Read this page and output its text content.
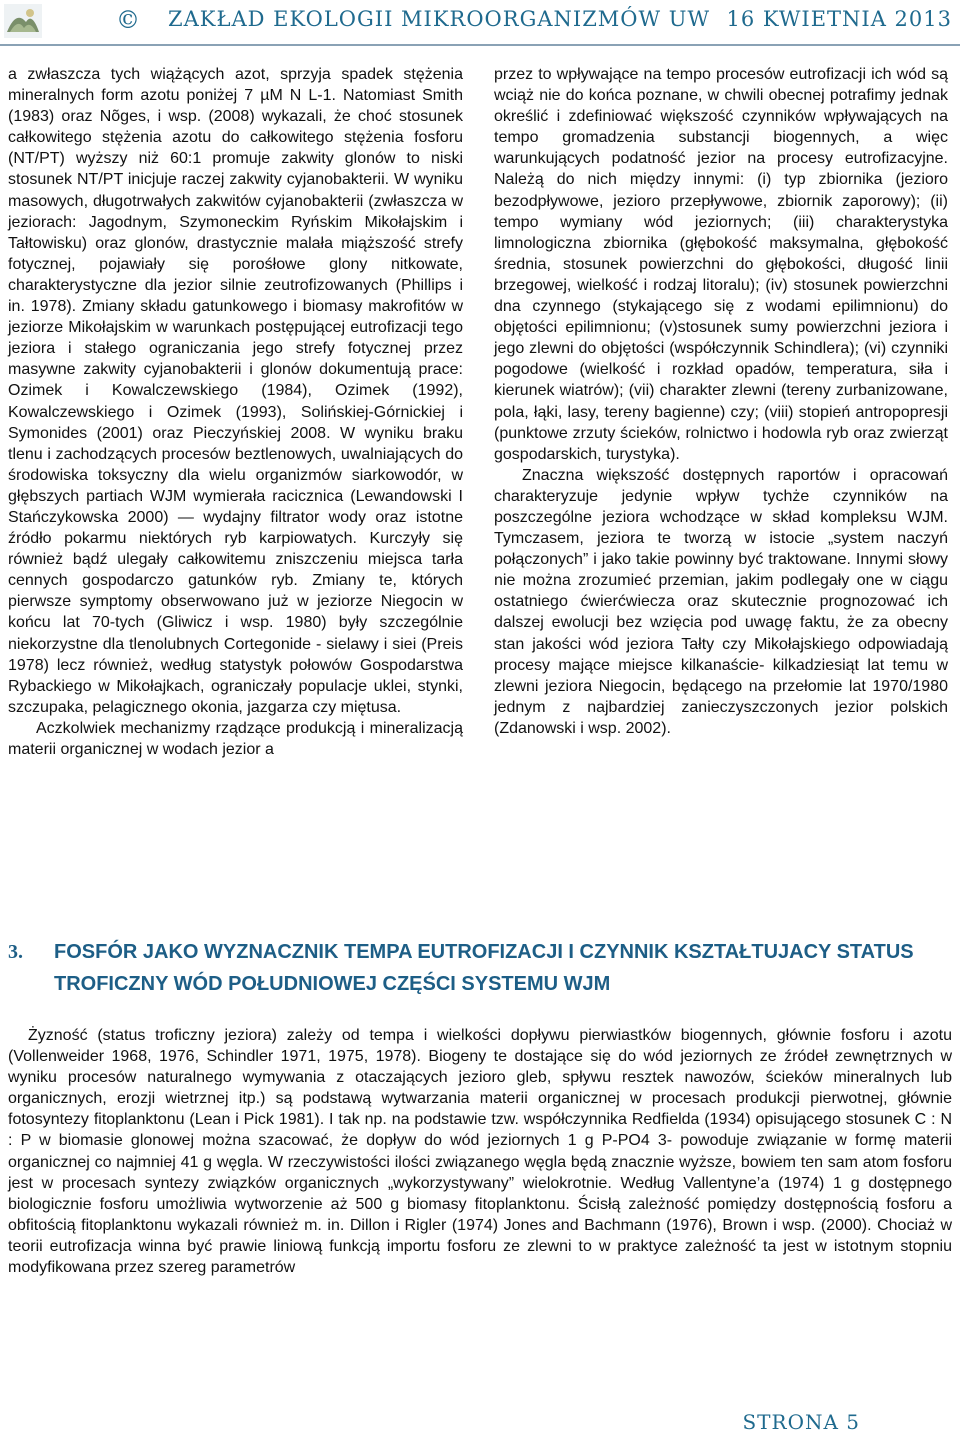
© ZAKŁAD EKOLOGII MIKROORGANIZMÓW UW 16 KWIETNIA 2013

a zwłaszcza tych wiążących azot, sprzyja spadek stężenia mineralnych form azotu poniżej 7 µM N L-1. Natomiast Smith (1983) oraz Nõges, i wsp. (2008) wykazali, że choć stosunek całkowitego stężenia azotu do całkowitego stężenia fosforu (NT/PT) wyższy niż 60:1 promuje zakwity glonów to niski stosunek NT/PT inicjuje raczej zakwity cyjanobakterii. W wyniku masowych, długotrwałych zakwitów cyjanobakterii (zwłaszcza w jeziorach: Jagodnym, Szymoneckim Ryńskim Mikołajskim i Tałtowisku) oraz glonów, drastycznie malała miąższość strefy fotycznej, pojawiały się porośłowe glony nitkowate, charakterystyczne dla jezior silnie zeutrofizowanych (Phillips i in. 1978). Zmiany składu gatunkowego i biomasy makrofitów w jeziorze Mikołajskim w warunkach postępującej eutrofizacji tego jeziora i stałego ograniczania jego strefy fotycznej przez masywne zakwity cyjanobakterii i glonów dokumentują prace: Ozimek i Kowalczewskiego (1984), Ozimek (1992), Kowalczewskiego i Ozimek (1993), Solińskiej-Górnickiej i Symonides (2001) oraz Pieczyńskiej 2008. W wyniku braku tlenu i zachodzących procesów beztlenowych, uwalniających do środowiska toksyczny dla wielu organizmów siarkowodór, w głębszych partiach WJM wymierała racicznica (Lewandowski I Stańczykowska 2000) — wydajny filtrator wody oraz istotne źródło pokarmu niektórych ryb karpiowatych. Kurczyły się również bądź ulegały całkowitemu zniszczeniu miejsca tarła cennych gospodarczo gatunków ryb. Zmiany te, których pierwsze symptomy obserwowano już w jeziorze Niegocin w końcu lat 70-tych (Gliwicz i wsp. 1980) były szczególnie niekorzystne dla tlenolubnych Cortegonide - sielawy i siei (Preis 1978) lecz również, według statystyk połowów Gospodarstwa Rybackiego w Mikołajkach, ograniczały populacje uklei, stynki, szczupaka, pelagicznego okonia, jazgarza czy miętusa.

Aczkolwiek mechanizmy rządzące produkcją i mineralizacją materii organicznej w wodach jezior a

przez to wpływające na tempo procesów eutrofizacji ich wód są wciąż nie do końca poznane, w chwili obecnej potrafimy jednak określić i zdefiniować większość czynników wpływających na tempo gromadzenia substancji biogennych, a więc warunkujących podatność jezior na procesy eutrofizacyjne. Należą do nich między innymi: (i) typ zbiornika (jezioro bezodpływowe, jezioro przepływowe, zbiornik zaporowy); (ii) tempo wymiany wód jeziornych; (iii) charakterystyka limnologiczna zbiornika (głębokość maksymalna, głębokość średnia, stosunek powierzchni do głębokości, długość linii brzegowej, wielkość i rodzaj litoralu); (iv) stosunek powierzchni dna czynnego (stykającego się z wodami epilimnionu) do objętości epilimnionu; (v)stosunek sumy powierzchni jeziora i jego zlewni do objętości (współczynnik Schindlera); (vi) czynniki pogodowe (wielkość i rozkład opadów, temperatura, siła i kierunek wiatrów); (vii) charakter zlewni (tereny zurbanizowane, pola, łąki, lasy, tereny bagienne) czy; (viii) stopień antropopresji (punktowe zrzuty ścieków, rolnictwo i hodowla ryb oraz zwierząt gospodarskich, turystyka).

Znaczna większość dostępnych raportów i opracowań charakteryzuje jedynie wpływ tychże czynników na poszczególne jeziora wchodzące w skład kompleksu WJM. Tymczasem, jeziora te tworzą w istocie „system naczyń połączonych” i jako takie powinny być traktowane. Innymi słowy nie można zrozumieć przemian, jakim podlegały one w ciągu ostatniego ćwierćwiecza oraz skutecznie prognozować ich dalszej ewolucji bez wzięcia pod uwagę faktu, że za obecny stan jakości wód jeziora Tałty czy Mikołajskiego odpowiadają procesy mające miejsce kilkanaście- kilkadziesiąt lat temu w zlewni jeziora Niegocin, będącego na przełomie lat 1970/1980 jednym z najbardziej zanieczyszczonych jezior polskich (Zdanowski i wsp. 2002).

3. FOSFÓR JAKO WYZNACZNIK TEMPA EUTROFIZACJI I CZYNNIK KSZTAŁTUJACY STATUS TROFICZNY WÓD POŁUDNIOWEJ CZĘŚCI SYSTEMU WJM

Żyzność (status troficzny jeziora) zależy od tempa i wielkości dopływu pierwiastków biogennych, głównie fosforu i azotu (Vollenweider 1968, 1976, Schindler 1971, 1975, 1978). Biogeny te dostające się do wód jeziornych ze źródeł zewnętrznych w wyniku procesów naturalnego wymywania z otaczających jezioro gleb, spływu resztek nawozów, ścieków mineralnych lub organicznych, erozji wietrznej itp.) są podstawą wytwarzania materii organicznej w procesach produkcji pierwotnej, głównie fotosyntezy fitoplanktonu (Lean i Pick 1981). I tak np. na podstawie tzw. współczynnika Redfielda (1934) opisującego stosunek C : N : P w biomasie glonowej można szacować, że dopływ do wód jeziornych 1 g P-PO4 3- powoduje związanie w formę materii organicznej co najmniej 41 g węgla. W rzeczywistości ilości związanego węgla będą znacznie wyższe, bowiem ten sam atom fosforu jest w procesach syntezy związków organicznych „wykorzystywany” wielokrotnie. Według Vallentyne’a (1974) 1 g dostępnego biologicznie fosforu umożliwia wytworzenie aż 500 g biomasy fitoplanktonu. Ścisłą zależność pomiędzy dostępnością fosforu a obfitością fitoplanktonu wykazali również m. in. Dillon i Rigler (1974) Jones and Bachmann (1976), Brown i wsp. (2000). Chociaż w teorii eutrofizacja winna być prawie liniową funkcją importu fosforu ze zlewni to w praktyce zależność ta jest w istotnym stopniu modyfikowana przez szereg parametrów

STRONA 5
